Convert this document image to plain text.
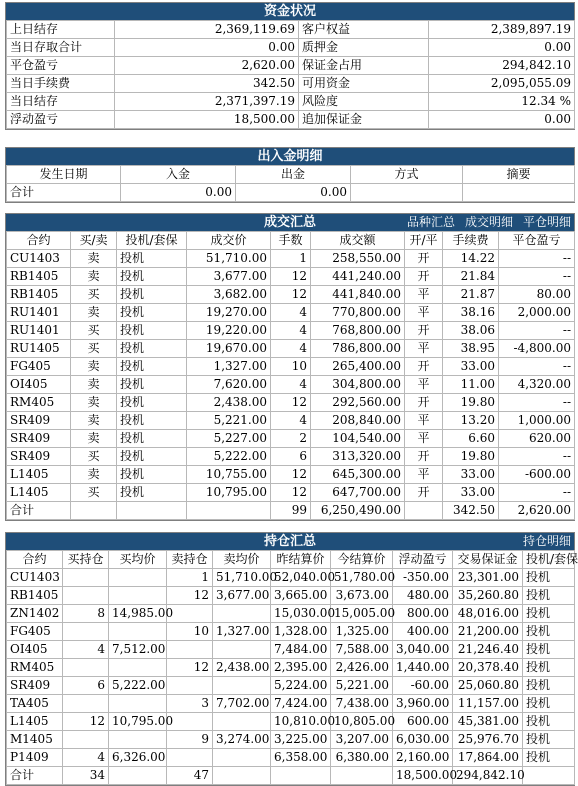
资金状况
上日结存	2,369,119.69	客户权益	2,389,897.19
当日存取合计	0.00	质押金	0.00
平仓盈亏	2,620.00	保证金占用	294,842.10
当日手续费	342.50	可用资金	2,095,055.09
当日结存	2,371,397.19	风险度	12.34 %
浮动盈亏	18,500.00	追加保证金	0.00
出入金明细
发生日期	入金	出金	方式	摘要
合计	0.00	0.00		
成交汇总	品种汇总 成交明细 平仓明细
合约	买/卖	投机/套保	成交价	手数	成交额	开/平	手续费	平仓盈亏
CU1403	卖	投机	51,710.00	1	258,550.00	开	14.22	--
RB1405	卖	投机	3,677.00	12	441,240.00	开	21.84	--
RB1405	买	投机	3,682.00	12	441,840.00	平	21.87	80.00
RU1401	卖	投机	19,270.00	4	770,800.00	平	38.16	2,000.00
RU1401	买	投机	19,220.00	4	768,800.00	开	38.06	--
RU1405	买	投机	19,670.00	4	786,800.00	平	38.95	-4,800.00
FG405	卖	投机	1,327.00	10	265,400.00	开	33.00	--
OI405	卖	投机	7,620.00	4	304,800.00	平	11.00	4,320.00
RM405	卖	投机	2,438.00	12	292,560.00	开	19.80	--
SR409	卖	投机	5,221.00	4	208,840.00	平	13.20	1,000.00
SR409	卖	投机	5,227.00	2	104,540.00	平	6.60	620.00
SR409	买	投机	5,222.00	6	313,320.00	开	19.80	--
L1405	卖	投机	10,755.00	12	645,300.00	平	33.00	-600.00
L1405	买	投机	10,795.00	12	647,700.00	开	33.00	--
合计				99	6,250,490.00		342.50	2,620.00
持仓汇总	持仓明细
合约	买持仓	买均价	卖持仓	卖均价	昨结算价	今结算价	浮动盈亏	交易保证金	投机/套保
CU1403			1	51,710.00	52,040.00	51,780.00	-350.00	23,301.00	投机
RB1405			12	3,677.00	3,665.00	3,673.00	480.00	35,260.80	投机
ZN1402	8	14,985.00			15,030.00	15,005.00	800.00	48,016.00	投机
FG405			10	1,327.00	1,328.00	1,325.00	400.00	21,200.00	投机
OI405	4	7,512.00			7,484.00	7,588.00	3,040.00	21,246.40	投机
RM405			12	2,438.00	2,395.00	2,426.00	1,440.00	20,378.40	投机
SR409	6	5,222.00			5,224.00	5,221.00	-60.00	25,060.80	投机
TA405			3	7,702.00	7,424.00	7,438.00	3,960.00	11,157.00	投机
L1405	12	10,795.00			10,810.00	10,805.00	600.00	45,381.00	投机
M1405			9	3,274.00	3,225.00	3,207.00	6,030.00	25,976.70	投机
P1409	4	6,326.00			6,358.00	6,380.00	2,160.00	17,864.00	投机
合计	34		47				18,500.00	294,842.10	
